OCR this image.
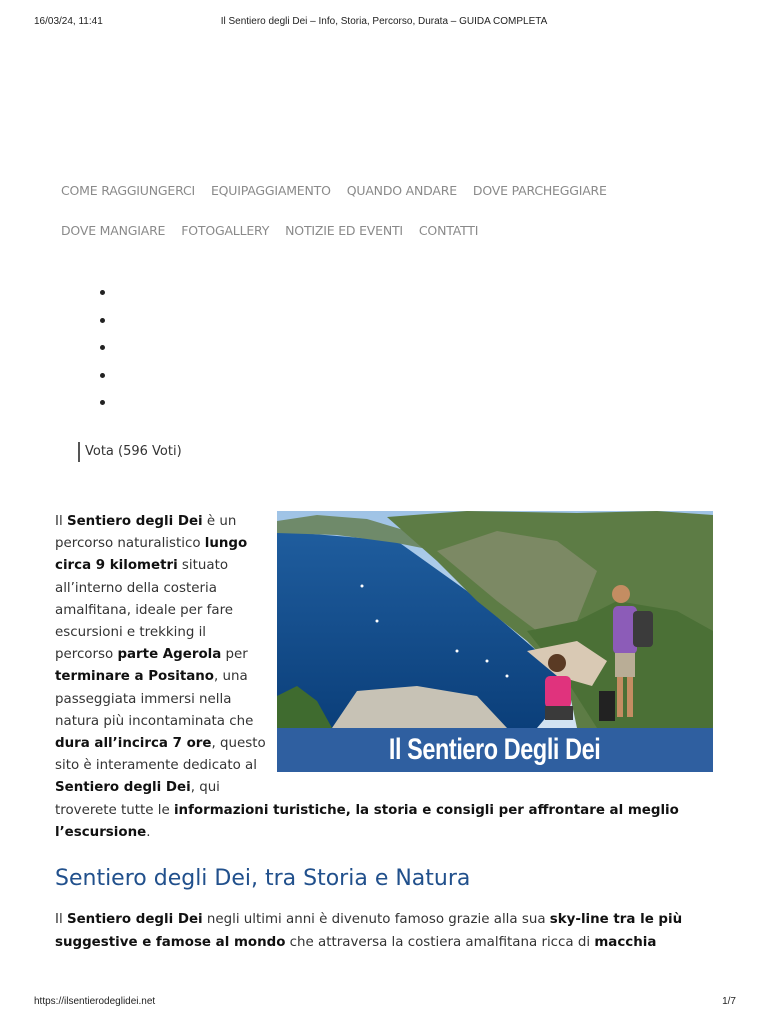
16/03/24, 11:41	Il Sentiero degli Dei – Info, Storia, Percorso, Durata – GUIDA COMPLETA
COME RAGGIUNGERCI EQUIPAGGIAMENTO QUANDO ANDARE DOVE PARCHEGGIARE
DOVE MANGIARE FOTOGALLERY NOTIZIE ED EVENTI CONTATTI
Vota (596 Voti)

Il Sentiero degli Dei è un percorso naturalistico lungo circa 9 kilometri situato all’interno della costeria amalfitana, ideale per fare escursioni e trekking il percorso parte Agerola per terminare a Positano, una passeggiata immersi nella natura più incontaminata che dura all’incirca 7 ore, questo sito è interamente dedicato al Sentiero degli Dei, qui troverete tutte le informazioni turistiche, la storia e consigli per affrontare al meglio l’escursione.

Il Sentiero Degli Dei
Sentiero degli Dei, tra Storia e Natura

Il Sentiero degli Dei negli ultimi anni è divenuto famoso grazie alla sua sky-line tra le più suggestive e famose al mondo che attraversa la costiera amalfitana ricca di macchia

https://ilsentierodeglidei.net	1/7
